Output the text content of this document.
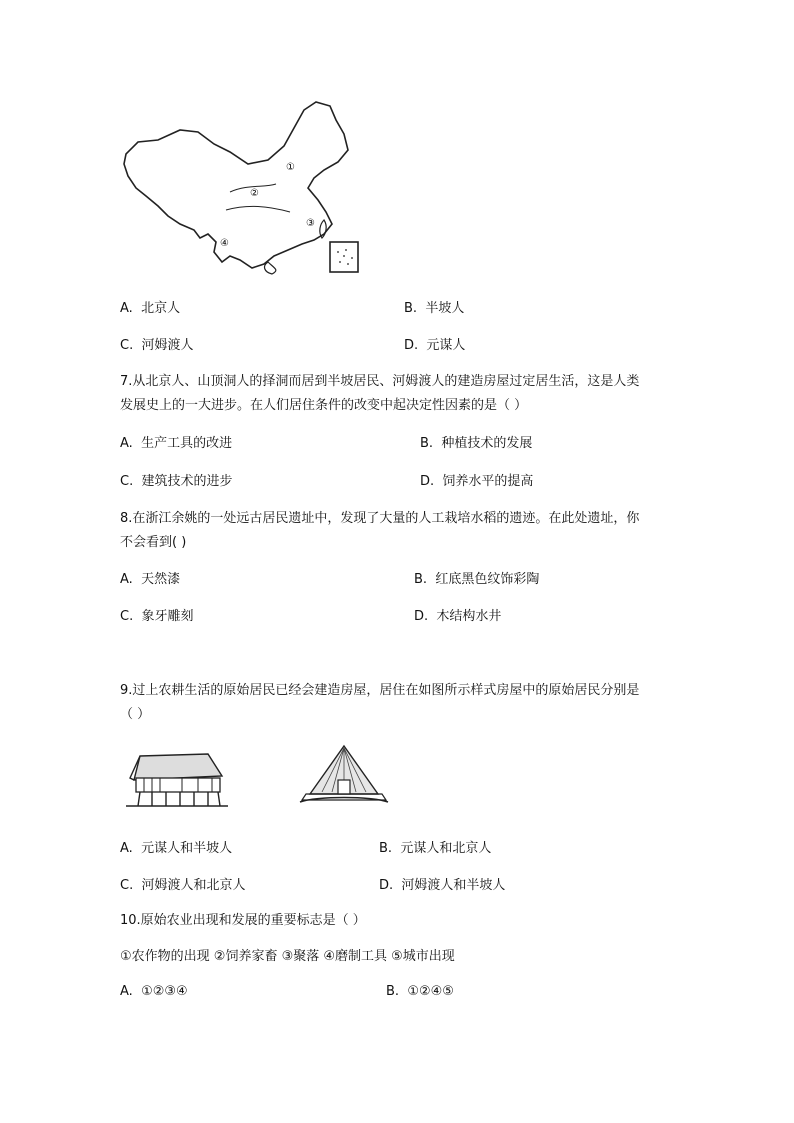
①
②
③
④
A. 北京人	B. 半坡人
C. 河姆渡人	D. 元谋人
7.从北京人、山顶洞人的择洞而居到半坡居民、河姆渡人的建造房屋过定居生活，这是人类
发展史上的一大进步。在人们居住条件的改变中起决定性因素的是（ ）
A. 生产工具的改进	B. 种植技术的发展
C. 建筑技术的进步	D. 饲养水平的提高
8.在浙江余姚的一处远古居民遗址中，发现了大量的人工栽培水稻的遗迹。在此处遗址，你
不会看到( )
A. 天然漆	B. 红底黑色纹饰彩陶
C. 象牙雕刻	D. 木结构水井
9.过上农耕生活的原始居民已经会建造房屋，居住在如图所示样式房屋中的原始居民分别是
（ ）
A. 元谋人和半坡人	B. 元谋人和北京人
C. 河姆渡人和北京人	D. 河姆渡人和半坡人
10.原始农业出现和发展的重要标志是（ ）
①农作物的出现 ②饲养家畜 ③聚落 ④磨制工具 ⑤城市出现
A. ①②③④	B. ①②④⑤
